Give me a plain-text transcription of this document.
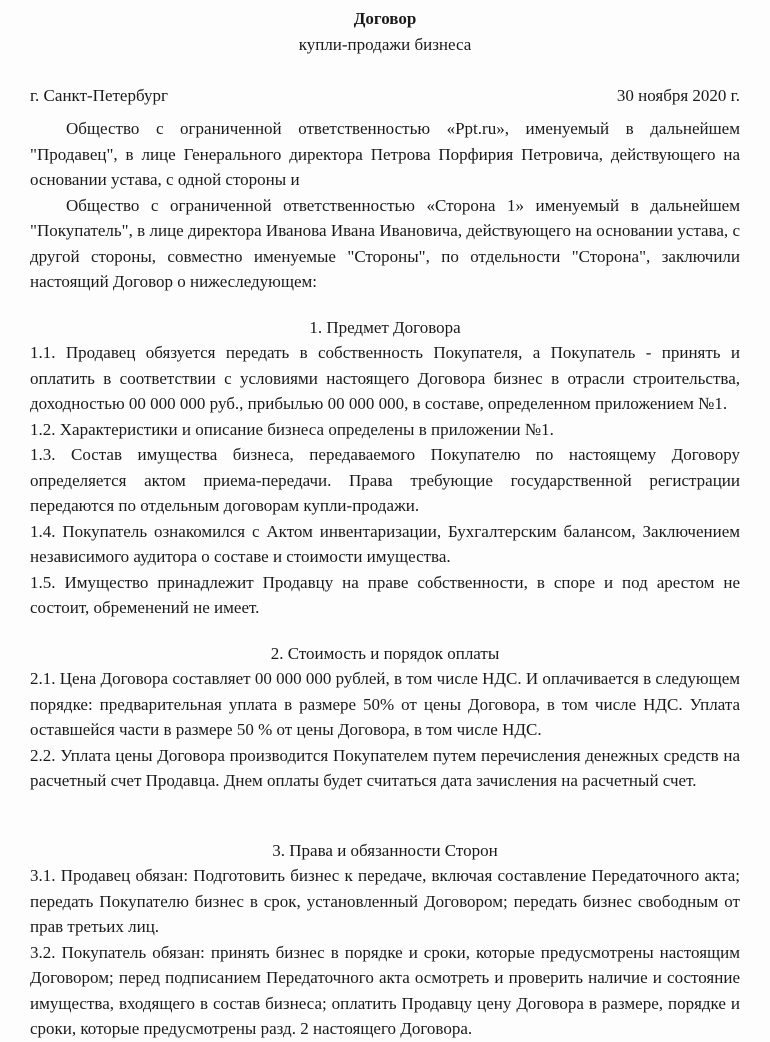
Договор
купли-продажи бизнеса
г. Санкт-Петербург	30 ноября 2020 г.

Общество с ограниченной ответственностью «Ppt.ru», именуемый в дальнейшем "Продавец", в лице Генерального директора Петрова Порфирия Петровича, действующего на основании устава, с одной стороны и

Общество с ограниченной ответственностью «Сторона 1» именуемый в дальнейшем "Покупатель", в лице директора Иванова Ивана Ивановича, действующего на основании устава, с другой стороны, совместно именуемые "Стороны", по отдельности "Сторона", заключили настоящий Договор о нижеследующем:

1. Предмет Договора

1.1. Продавец обязуется передать в собственность Покупателя, а Покупатель - принять и оплатить в соответствии с условиями настоящего Договора бизнес в отрасли строительства, доходностью 00 000 000 руб., прибылью 00 000 000, в составе, определенном приложением №1.

1.2. Характеристики и описание бизнеса определены в приложении №1.

1.3. Состав имущества бизнеса, передаваемого Покупателю по настоящему Договору определяется актом приема-передачи. Права требующие государственной регистрации передаются по отдельным договорам купли-продажи.

1.4. Покупатель ознакомился с Актом инвентаризации, Бухгалтерским балансом, Заключением независимого аудитора о составе и стоимости имущества.

1.5. Имущество принадлежит Продавцу на праве собственности, в споре и под арестом не состоит, обременений не имеет.

2. Стоимость и порядок оплаты

2.1. Цена Договора составляет 00 000 000 рублей, в том числе НДС. И оплачивается в следующем порядке: предварительная уплата в размере 50% от цены Договора, в том числе НДС. Уплата оставшейся части в размере 50 % от цены Договора, в том числе НДС.

2.2. Уплата цены Договора производится Покупателем путем перечисления денежных средств на расчетный счет Продавца. Днем оплаты будет считаться дата зачисления на расчетный счет.

3. Права и обязанности Сторон

3.1. Продавец обязан: Подготовить бизнес к передаче, включая составление Передаточного акта; передать Покупателю бизнес в срок, установленный Договором; передать бизнес свободным от прав третьих лиц.

3.2. Покупатель обязан: принять бизнес в порядке и сроки, которые предусмотрены настоящим Договором; перед подписанием Передаточного акта осмотреть и проверить наличие и состояние имущества, входящего в состав бизнеса; оплатить Продавцу цену Договора в размере, порядке и сроки, которые предусмотрены разд. 2 настоящего Договора.
